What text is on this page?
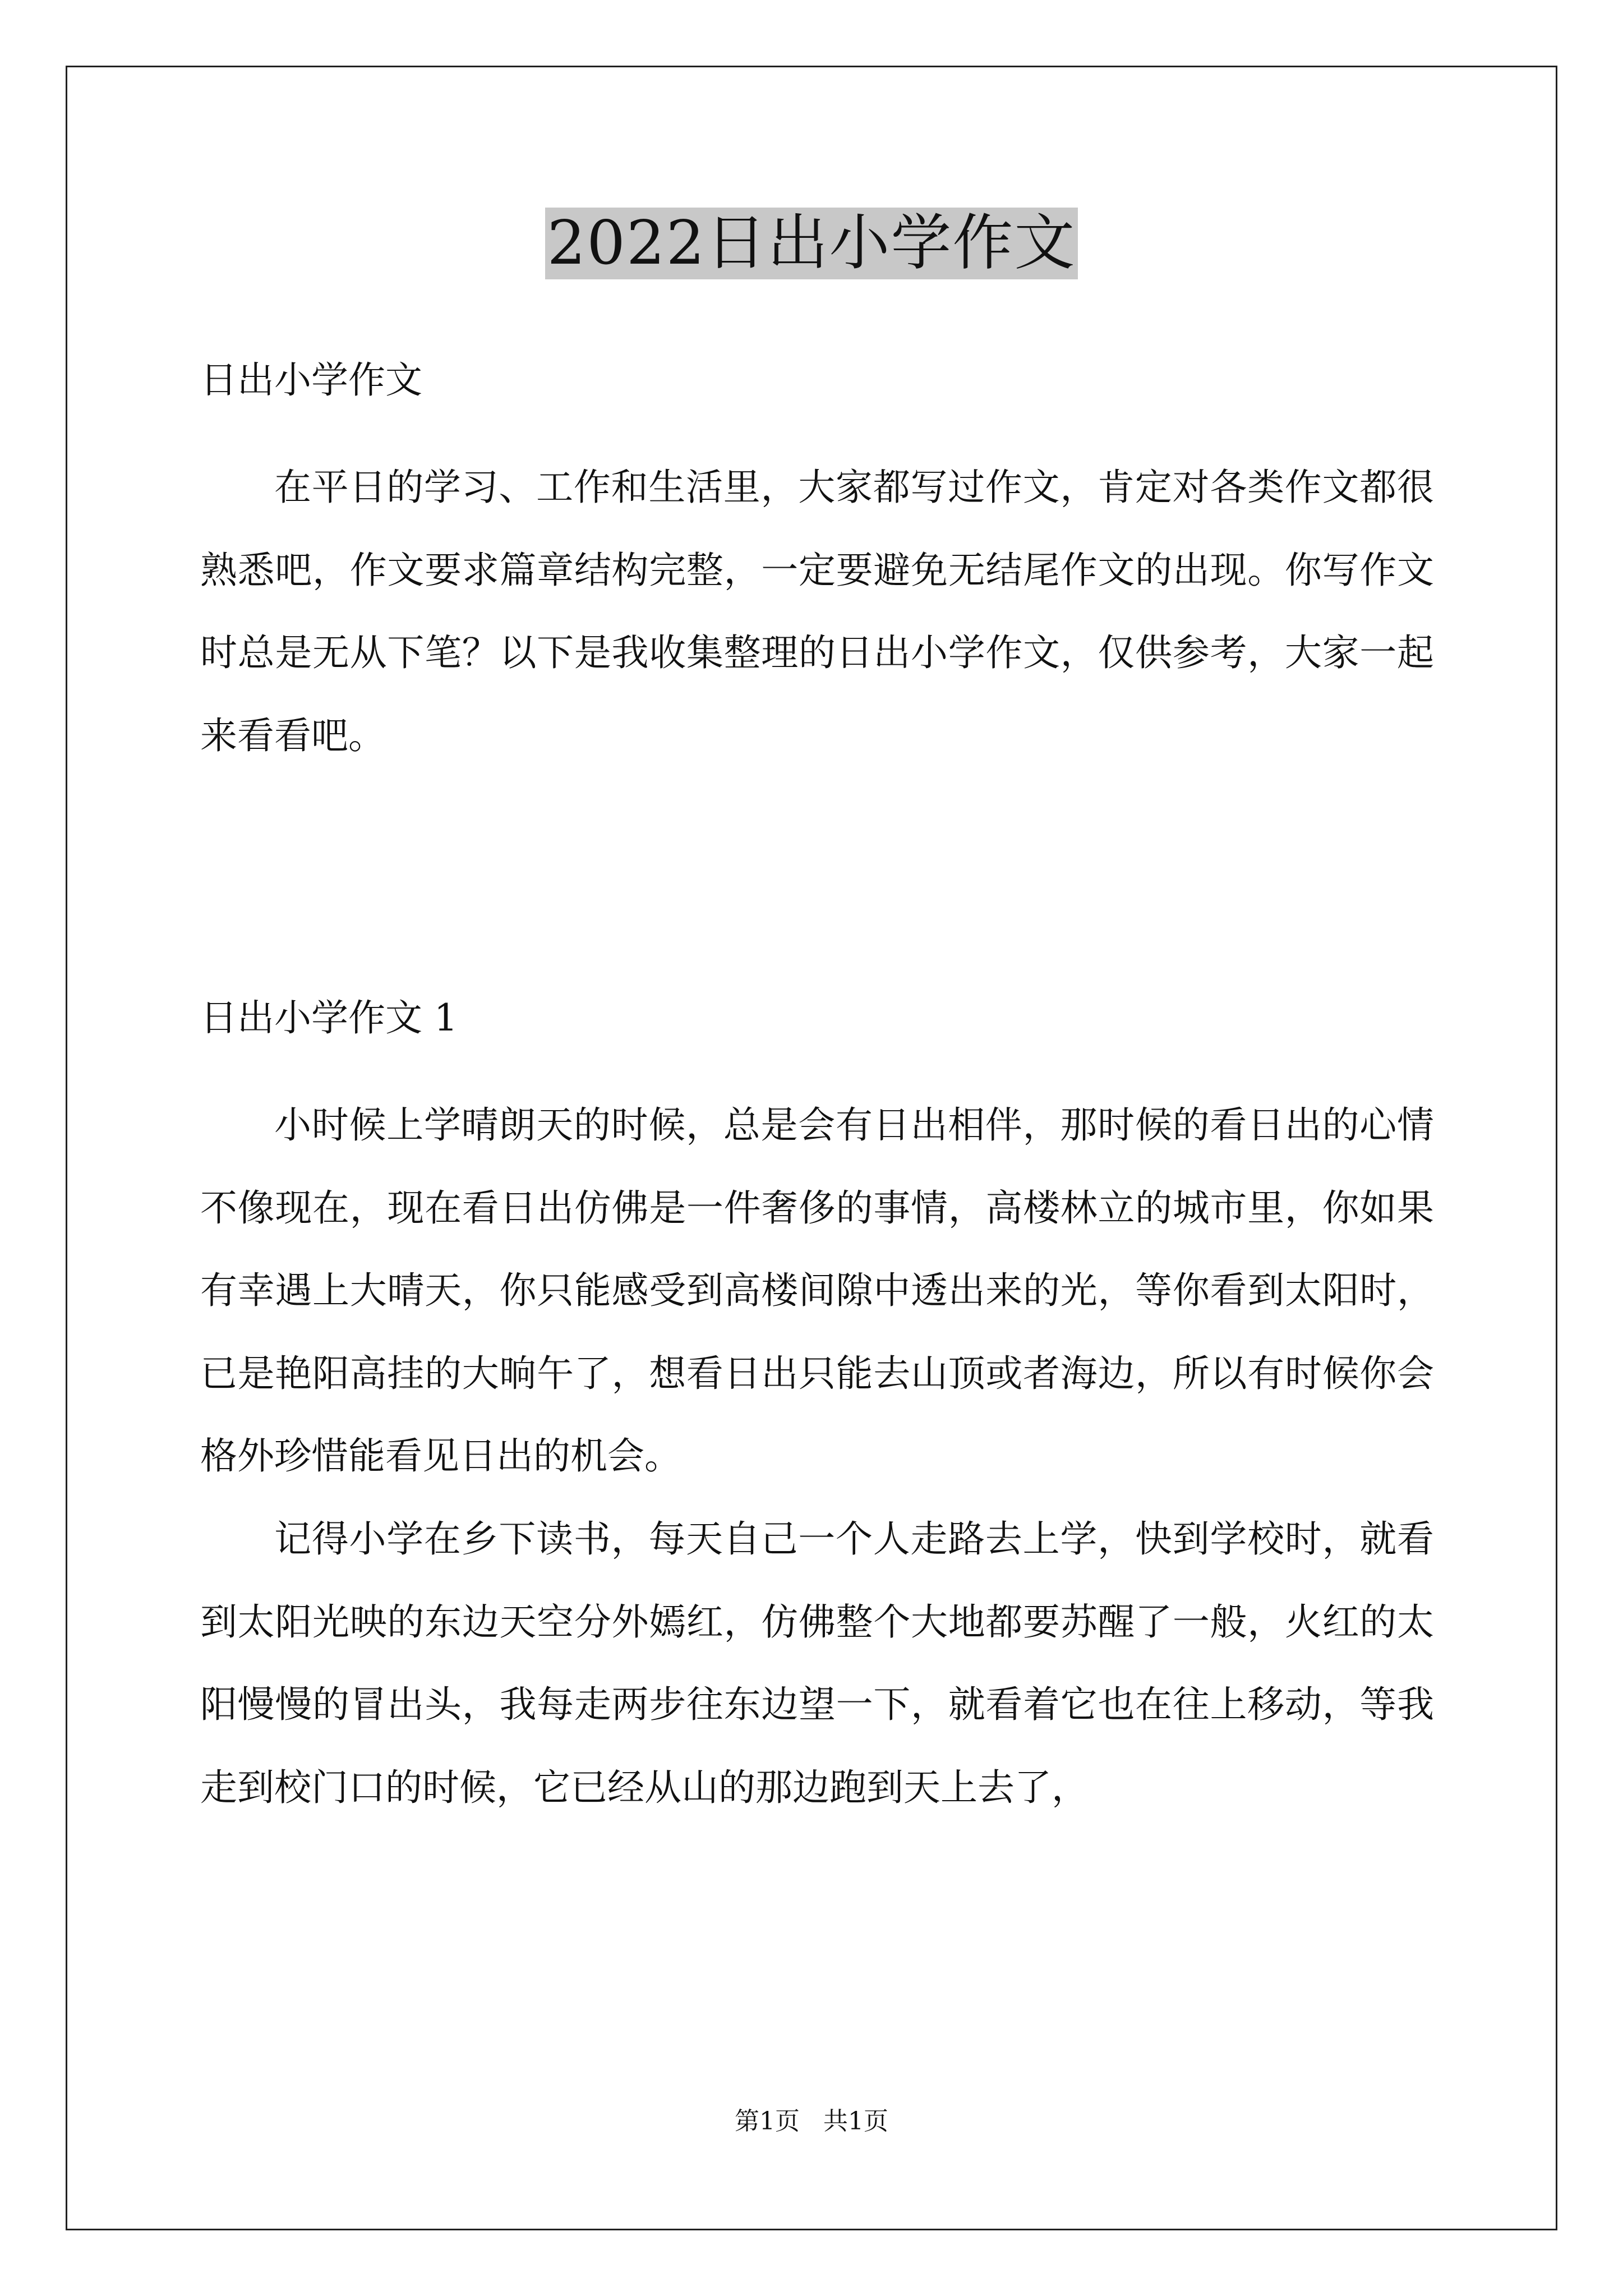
2022日出小学作文

日出小学作文

在平日的学习、工作和生活里，大家都写过作文，肯定对各类作文都很熟悉吧，作文要求篇章结构完整，一定要避免无结尾作文的出现。你写作文时总是无从下笔？以下是我收集整理的日出小学作文，仅供参考，大家一起来看看吧。

日出小学作文 1

小时候上学晴朗天的时候，总是会有日出相伴，那时候的看日出的心情不像现在，现在看日出仿佛是一件奢侈的事情，高楼林立的城市里，你如果有幸遇上大晴天，你只能感受到高楼间隙中透出来的光，等你看到太阳时，已是艳阳高挂的大晌午了，想看日出只能去山顶或者海边，所以有时候你会格外珍惜能看见日出的机会。

记得小学在乡下读书，每天自己一个人走路去上学，快到学校时，就看到太阳光映的东边天空分外嫣红，仿佛整个大地都要苏醒了一般，火红的太阳慢慢的冒出头，我每走两步往东边望一下，就看着它也在往上移动，等我走到校门口的时候，它已经从山的那边跑到天上去了，

第1页   共1页
